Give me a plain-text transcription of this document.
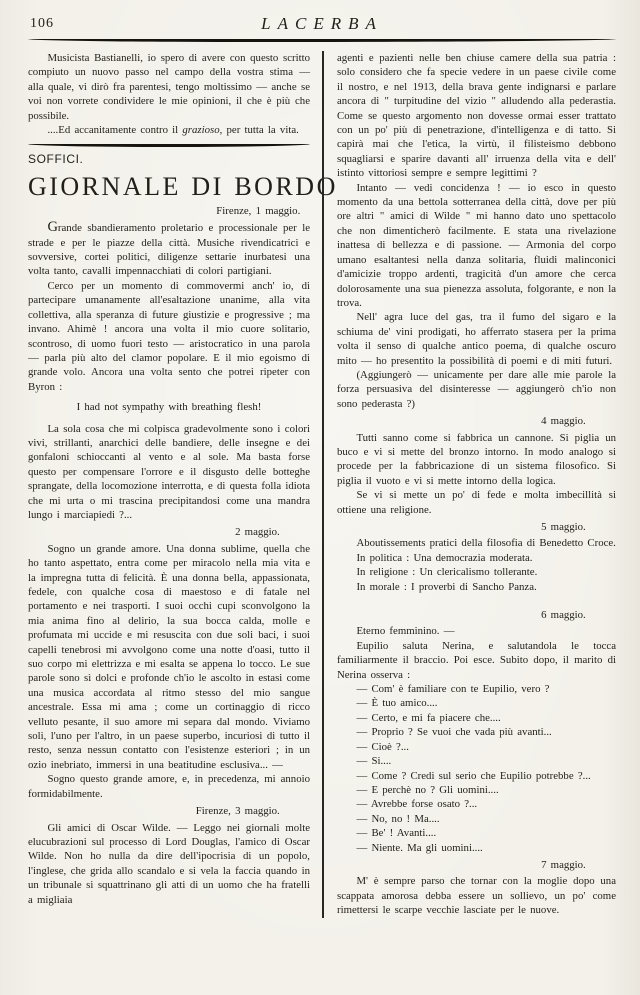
106	LACERBA

Musicista Bastianelli, io spero di avere con questo scritto compiuto un nuovo passo nel campo della vostra stima — alla quale, vi dirò fra parentesi, tengo moltissimo — anche se voi non vorrete condividere le mie opinioni, il che è più che possibile.

....Ed accanitamente contro il grazioso, per tutta la vita.

SOFFICI.
GIORNALE DI BORDO
Firenze, 1 maggio.

Grande sbandieramento proletario e processionale per le strade e per le piazze della città. Musiche rivendicatrici e sovversive, cortei politici, diligenze settarie inurbatesi una volta tanto, cavalli impennacchiati di colori partigiani.

Cerco per un momento di commovermi anch' io, di partecipare umanamente all'esaltazione unanime, alla vita collettiva, alla speranza di future giustizie e progressive ; ma invano. Ahimè ! ancora una volta il mio cuore solitario, scontroso, di uomo fuori testo — aristocratico in una parola — parla più alto del clamor popolare. E il mio egoismo di grande volo. Ancora una volta sento che potrei ripeter con Byron :

I had not sympathy with breathing flesh!

La sola cosa che mi colpisca gradevolmente sono i colori vivi, strillanti, anarchici delle bandiere, delle insegne e dei gonfaloni schioccanti al vento e al sole. Ma basta forse questo per compensare l'orrore e il disgusto delle botteghe sprangate, della locomozione interrotta, e di questa folla idiota che mi urta o mi trascina precipitandosi come una mandra lungo i marciapiedi ?...

2 maggio.

Sogno un grande amore. Una donna sublime, quella che ho tanto aspettato, entra come per miracolo nella mia vita e la impregna tutta di felicità. È una donna bella, appassionata, fedele, con qualche cosa di maestoso e di fatale nel portamento e nei trasporti. I suoi occhi cupi sconvolgono la mia anima fino al delirio, la sua bocca calda, molle e profumata mi uccide e mi resuscita con due soli baci, i suoi capelli tenebrosi mi avvolgono come una notte d'oasi, tutto il suo corpo mi elettrizza e mi esalta se appena lo tocco. Le sue parole sono sì dolci e profonde ch'io le ascolto in estasi come una musica accordata al ritmo stesso del mio sangue ancestrale. Essa mi ama ; come un cortinaggio di ricco velluto pesante, il suo amore mi separa dal mondo. Viviamo soli, l'uno per l'altro, in un paese superbo, incuriosi di tutto il resto, senza nessun contatto con l'esistenze esteriori ; in un ozio inebriato, immersi in una beatitudine esclusiva... —

Sogno questo grande amore, e, in precedenza, mi annoio formidabilmente.

Firenze, 3 maggio.

Gli amici di Oscar Wilde. — Leggo nei giornali molte elucubrazioni sul processo di Lord Douglas, l'amico di Oscar Wilde. Non ho nulla da dire dell'ipocrisia di un popolo, l'inglese, che grida allo scandalo e si vela la faccia quando in un tribunale si squattrinano gli atti di un uomo che ha fratelli a migliaia

agenti e pazienti nelle ben chiuse camere della sua patria : solo considero che fa specie vedere in un paese civile come il nostro, e nel 1913, della brava gente indignarsi e parlare ancora di " turpitudine del vizio " alludendo alla pederastia. Come se questo argomento non dovesse ormai esser trattato con un po' più di penetrazione, d'intelligenza e di tatto. Si capirà mai che l'etica, la virtù, il filisteismo debbono squagliarsi e sparire davanti all' irruenza della vita e dell' istinto vittoriosi sempre e sempre legittimi ?

Intanto — vedi concidenza ! — io esco in questo momento da una bettola sotterranea della città, dove per più ore altri " amici di Wilde " mi hanno dato uno spettacolo che non dimenticherò facilmente. E stata una rivelazione inattesa di bellezza e di passione. — Armonia del corpo umano esaltantesi nella danza solitaria, fluidi malinconici d'amicizie troppo ardenti, tragicità d'un amore che cerca dolorosamente una sua pienezza assoluta, folgorante, e non la trova.

Nell' agra luce del gas, tra il fumo del sigaro e la schiuma de' vini prodigati, ho afferrato stasera per la prima volta il senso di qualche antico poema, di qualche oscuro mito — ho presentito la possibilità di poemi e di miti futuri.

(Aggiungerò — unicamente per dare alle mie parole la forza persuasiva del disinteresse — aggiungerò ch'io non sono pederasta ?)

4 maggio.

Tutti sanno come si fabbrica un cannone. Si piglia un buco e vi si mette del bronzo intorno. In modo analogo si procede per la fabbricazione di un sistema filosofico. Si piglia il vuoto e vi si mette intorno della logica.

Se vi si mette un po' di fede e molta imbecillità si ottiene una religione.

5 maggio.

Aboutissements pratici della filosofia di Benedetto Croce.

In politica : Una democrazia moderata.

In religione : Un clericalismo tollerante.

In morale : I proverbi di Sancho Panza.

6 maggio.

Eterno femminino. —

Eupilio saluta Nerina, e salutandola le tocca familiarmente il braccio. Poi esce. Subito dopo, il marito di Nerina osserva :

— Com' è familiare con te Eupilio, vero ?

— È tuo amico....

— Certo, e mi fa piacere che....

— Proprio ? Se vuoi che vada più avanti...

— Cioè ?...

— Si....

— Come ? Credi sul serio che Eupilio potrebbe ?...

— E perchè no ? Gli uomini....

— Avrebbe forse osato ?...

— No, no ! Ma....

— Be' ! Avanti....

— Niente. Ma gli uomini....

7 maggio.

M' è sempre parso che tornar con la moglie dopo una scappata amorosa debba essere un sollievo, un po' come rimettersi le scarpe vecchie lasciate per le nuove.
